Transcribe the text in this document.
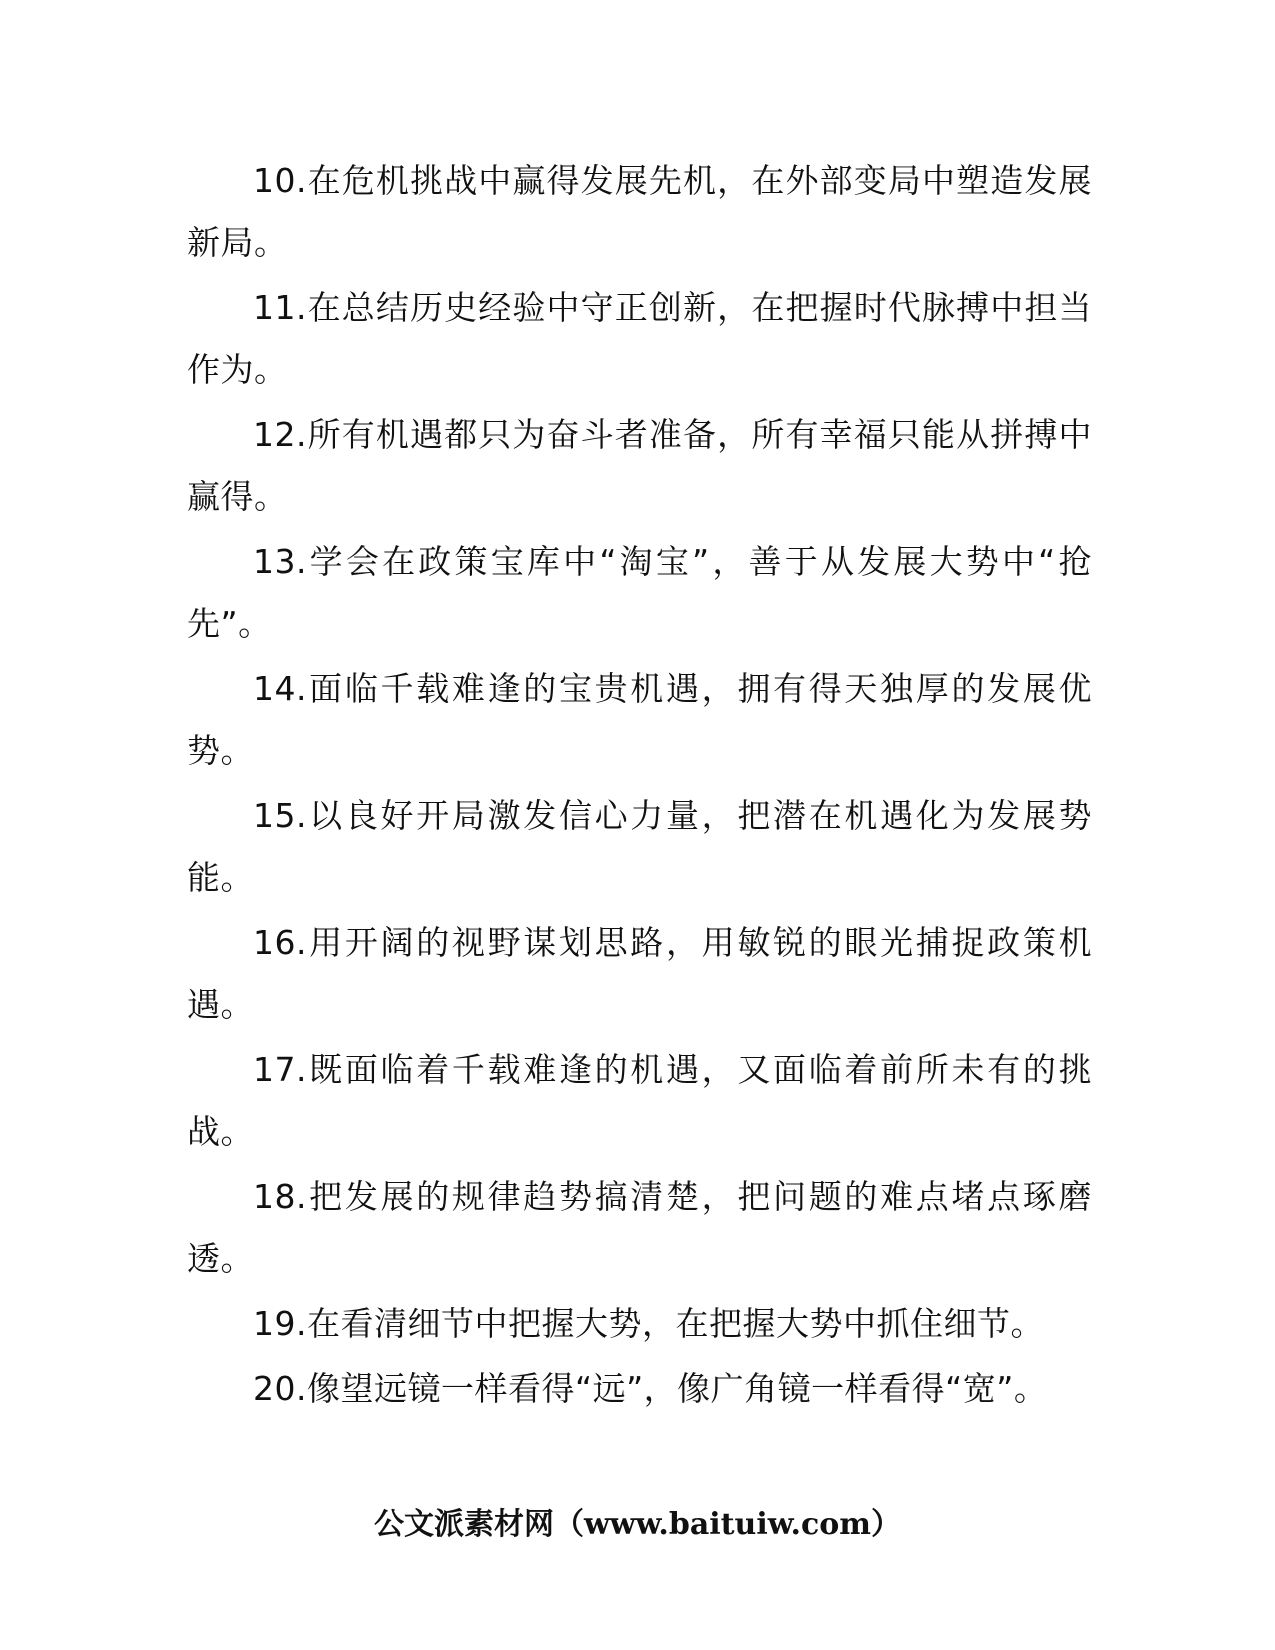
10.在危机挑战中赢得发展先机，在外部变局中塑造发展新局。

11.在总结历史经验中守正创新，在把握时代脉搏中担当作为。

12.所有机遇都只为奋斗者准备，所有幸福只能从拼搏中赢得。

13.学会在政策宝库中“淘宝”，善于从发展大势中“抢先”。

14.面临千载难逢的宝贵机遇，拥有得天独厚的发展优势。

15.以良好开局激发信心力量，把潜在机遇化为发展势能。

16.用开阔的视野谋划思路，用敏锐的眼光捕捉政策机遇。

17.既面临着千载难逢的机遇，又面临着前所未有的挑战。

18.把发展的规律趋势搞清楚，把问题的难点堵点琢磨透。

19.在看清细节中把握大势，在把握大势中抓住细节。

20.像望远镜一样看得“远”，像广角镜一样看得“宽”。

公文派素材网（www.baituiw.com）
